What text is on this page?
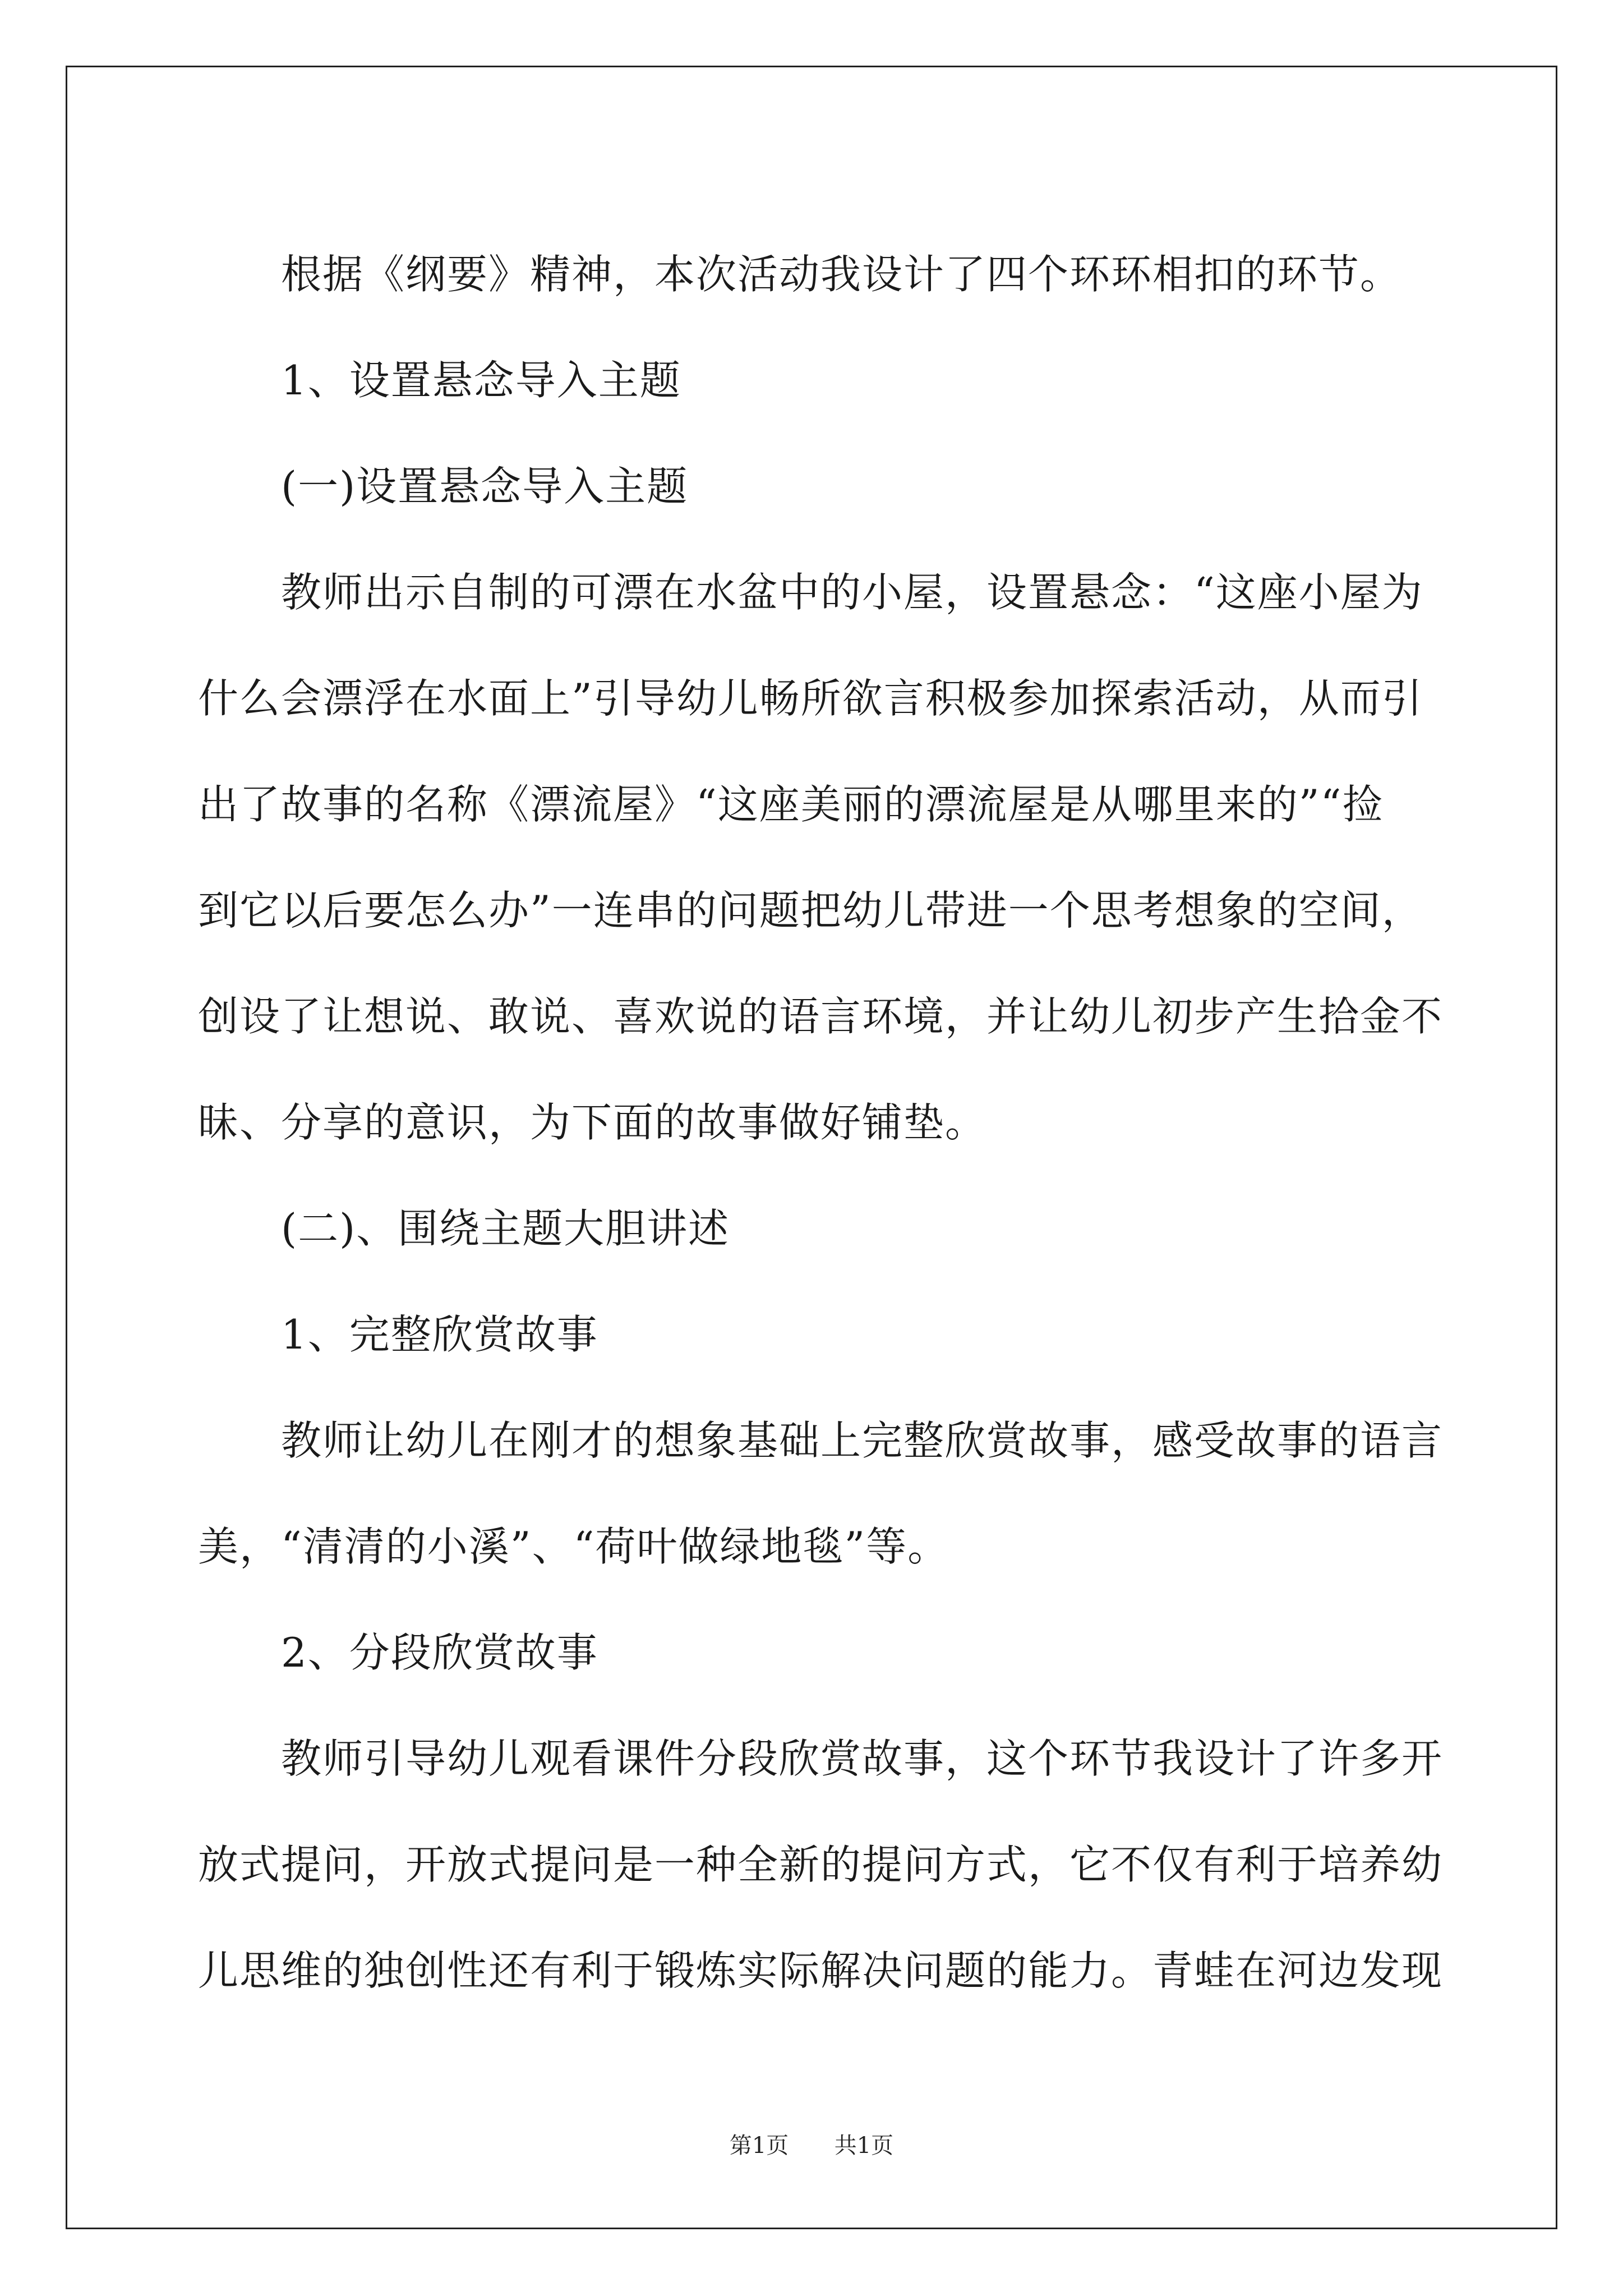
　　根据《纲要》精神，本次活动我设计了四个环环相扣的环节。

　　1、设置悬念导入主题

　　(一)设置悬念导入主题

　　教师出示自制的可漂在水盆中的小屋，设置悬念：“这座小屋为

什么会漂浮在水面上”引导幼儿畅所欲言积极参加探索活动，从而引

出了故事的名称《漂流屋》“这座美丽的漂流屋是从哪里来的”“捡

到它以后要怎么办”一连串的问题把幼儿带进一个思考想象的空间，

创设了让想说、敢说、喜欢说的语言环境，并让幼儿初步产生拾金不

昧、分享的意识，为下面的故事做好铺垫。

　　(二)、围绕主题大胆讲述

　　1、完整欣赏故事

　　教师让幼儿在刚才的想象基础上完整欣赏故事，感受故事的语言

美，“清清的小溪”、“荷叶做绿地毯”等。

　　2、分段欣赏故事

　　教师引导幼儿观看课件分段欣赏故事，这个环节我设计了许多开

放式提问，开放式提问是一种全新的提问方式，它不仅有利于培养幼

儿思维的独创性还有利于锻炼实际解决问题的能力。青蛙在河边发现

第1页 共1页
